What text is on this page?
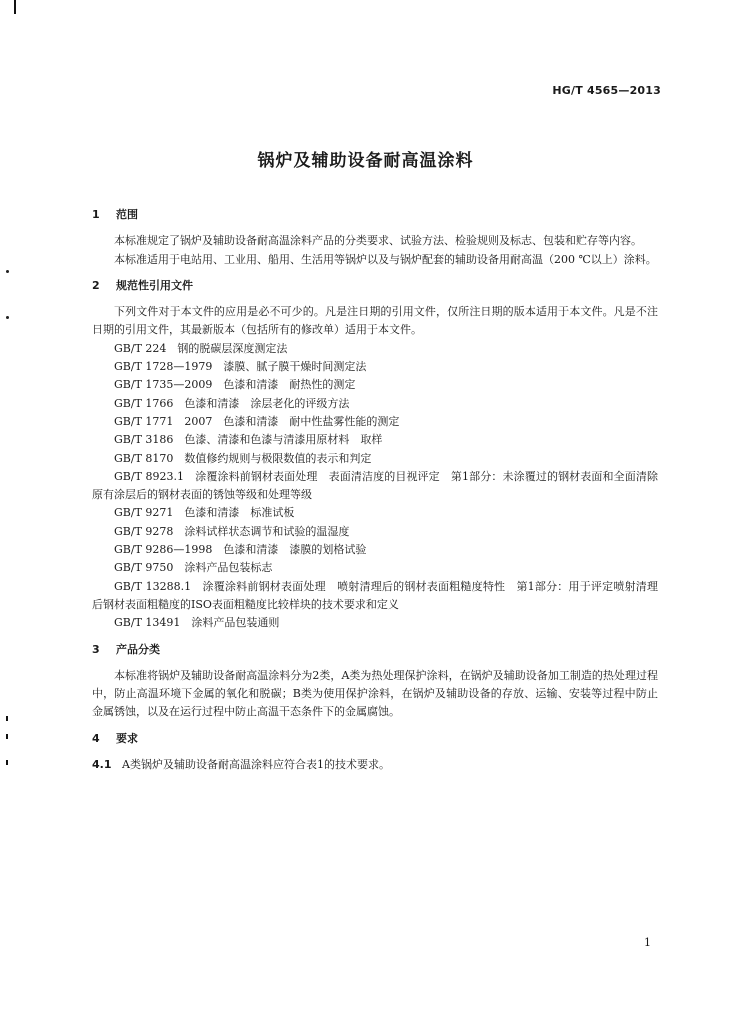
HG/T 4565—2013
锅炉及辅助设备耐高温涂料
1 范围

本标准规定了锅炉及辅助设备耐高温涂料产品的分类要求、试验方法、检验规则及标志、包装和贮存等内容。

本标准适用于电站用、工业用、船用、生活用等锅炉以及与锅炉配套的辅助设备用耐高温（200 ℃以上）涂料。

2 规范性引用文件

下列文件对于本文件的应用是必不可少的。凡是注日期的引用文件，仅所注日期的版本适用于本文件。凡是不注日期的引用文件，其最新版本（包括所有的修改单）适用于本文件。

GB/T 224　钢的脱碳层深度测定法

GB/T 1728—1979　漆膜、腻子膜干燥时间测定法

GB/T 1735—2009　色漆和清漆　耐热性的测定

GB/T 1766　色漆和清漆　涂层老化的评级方法

GB/T 1771　2007　色漆和清漆　耐中性盐雾性能的测定

GB/T 3186　色漆、清漆和色漆与清漆用原材料　取样

GB/T 8170　数值修约规则与极限数值的表示和判定

GB/T 8923.1　涂覆涂料前钢材表面处理　表面清洁度的目视评定　第1部分：未涂覆过的钢材表面和全面清除原有涂层后的钢材表面的锈蚀等级和处理等级

GB/T 9271　色漆和清漆　标准试板

GB/T 9278　涂料试样状态调节和试验的温湿度

GB/T 9286—1998　色漆和清漆　漆膜的划格试验

GB/T 9750　涂料产品包装标志

GB/T 13288.1　涂覆涂料前钢材表面处理　喷射清理后的钢材表面粗糙度特性　第1部分：用于评定喷射清理后钢材表面粗糙度的ISO表面粗糙度比较样块的技术要求和定义

GB/T 13491　涂料产品包装通则

3 产品分类

本标准将锅炉及辅助设备耐高温涂料分为2类，A类为热处理保护涂料，在锅炉及辅助设备加工制造的热处理过程中，防止高温环境下金属的氧化和脱碳；B类为使用保护涂料，在锅炉及辅助设备的存放、运输、安装等过程中防止金属锈蚀，以及在运行过程中防止高温干态条件下的金属腐蚀。

4 要求

4.1 A类锅炉及辅助设备耐高温涂料应符合表1的技术要求。

1
